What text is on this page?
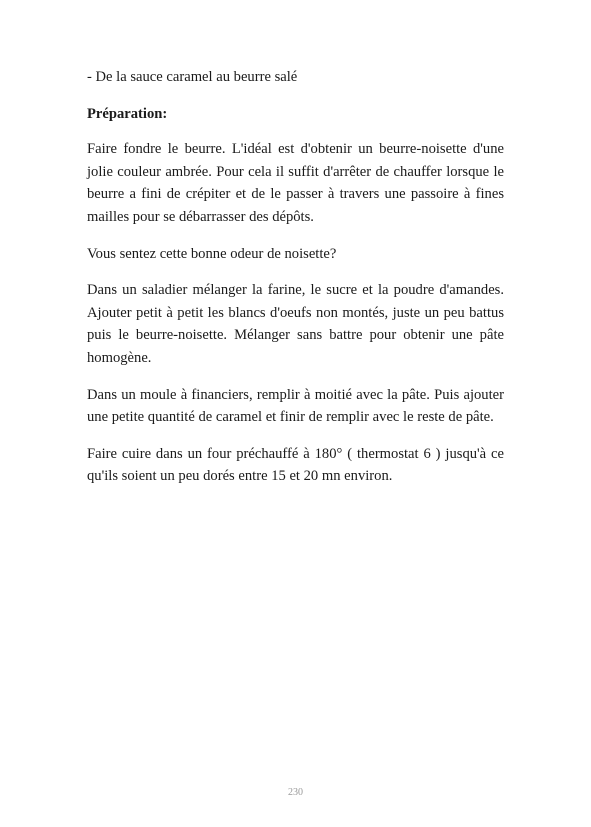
- De la sauce caramel au beurre salé

Préparation:

Faire fondre le beurre. L'idéal est d'obtenir un beurre-noisette d'une jolie couleur ambrée. Pour cela il suffit d'arrêter de chauffer lorsque le beurre a fini de crépiter et de le passer à travers une passoire à fines mailles pour se débarrasser des dépôts.

Vous sentez cette bonne odeur de noisette?

Dans un saladier mélanger la farine, le sucre et la poudre d'amandes. Ajouter petit à petit les blancs d'oeufs non montés, juste un peu battus puis le beurre-noisette. Mélanger sans battre pour obtenir une pâte homogène.

Dans un moule à financiers, remplir à moitié avec la pâte. Puis ajouter une petite quantité de caramel et finir de remplir avec le reste de pâte.

Faire cuire dans un four préchauffé à 180° ( thermostat 6 ) jusqu'à ce qu'ils soient un peu dorés entre 15 et 20 mn environ.

230
